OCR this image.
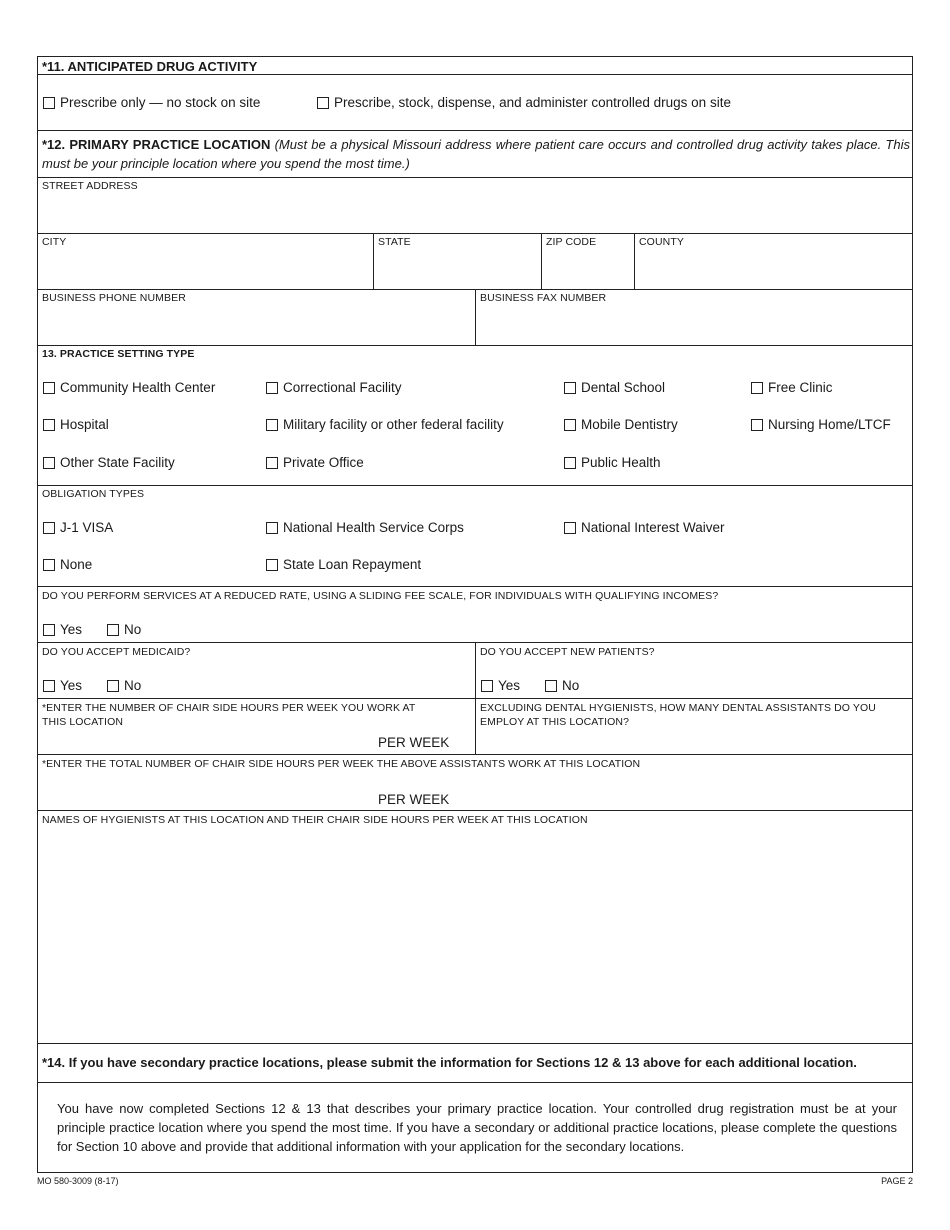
*11. ANTICIPATED DRUG ACTIVITY
Prescribe only — no stock on site	Prescribe, stock, dispense, and administer controlled drugs on site
*12. PRIMARY PRACTICE LOCATION (Must be a physical Missouri address where patient care occurs and controlled drug activity takes place. This must be your principle location where you spend the most time.)
STREET ADDRESS
CITY	STATE	ZIP CODE	COUNTY
BUSINESS PHONE NUMBER	BUSINESS FAX NUMBER
13. PRACTICE SETTING TYPE
Community Health Center	Correctional Facility	Dental School	Free Clinic
Hospital	Military facility or other federal facility	Mobile Dentistry	Nursing Home/LTCF
Other State Facility	Private Office	Public Health
OBLIGATION TYPES
J-1 VISA	National Health Service Corps	National Interest Waiver
None	State Loan Repayment
DO YOU PERFORM SERVICES AT A REDUCED RATE, USING A SLIDING FEE SCALE, FOR INDIVIDUALS WITH QUALIFYING INCOMES?
Yes	No
DO YOU ACCEPT MEDICAID?
Yes	No
DO YOU ACCEPT NEW PATIENTS?
Yes	No
*ENTER THE NUMBER OF CHAIR SIDE HOURS PER WEEK YOU WORK AT THIS LOCATION
PER WEEK
EXCLUDING DENTAL HYGIENISTS, HOW MANY DENTAL ASSISTANTS DO YOU EMPLOY AT THIS LOCATION?
*ENTER THE TOTAL NUMBER OF CHAIR SIDE HOURS PER WEEK THE ABOVE ASSISTANTS WORK AT THIS LOCATION
PER WEEK
NAMES OF HYGIENISTS AT THIS LOCATION AND THEIR CHAIR SIDE HOURS PER WEEK AT THIS LOCATION
*14. If you have secondary practice locations, please submit the information for Sections 12 & 13 above for each additional location.
You have now completed Sections 12 & 13 that describes your primary practice location. Your controlled drug registration must be at your principle practice location where you spend the most time. If you have a secondary or additional practice locations, please complete the questions for Section 10 above and provide that additional information with your application for the secondary locations.
MO 580-3009 (8-17)	PAGE 2
